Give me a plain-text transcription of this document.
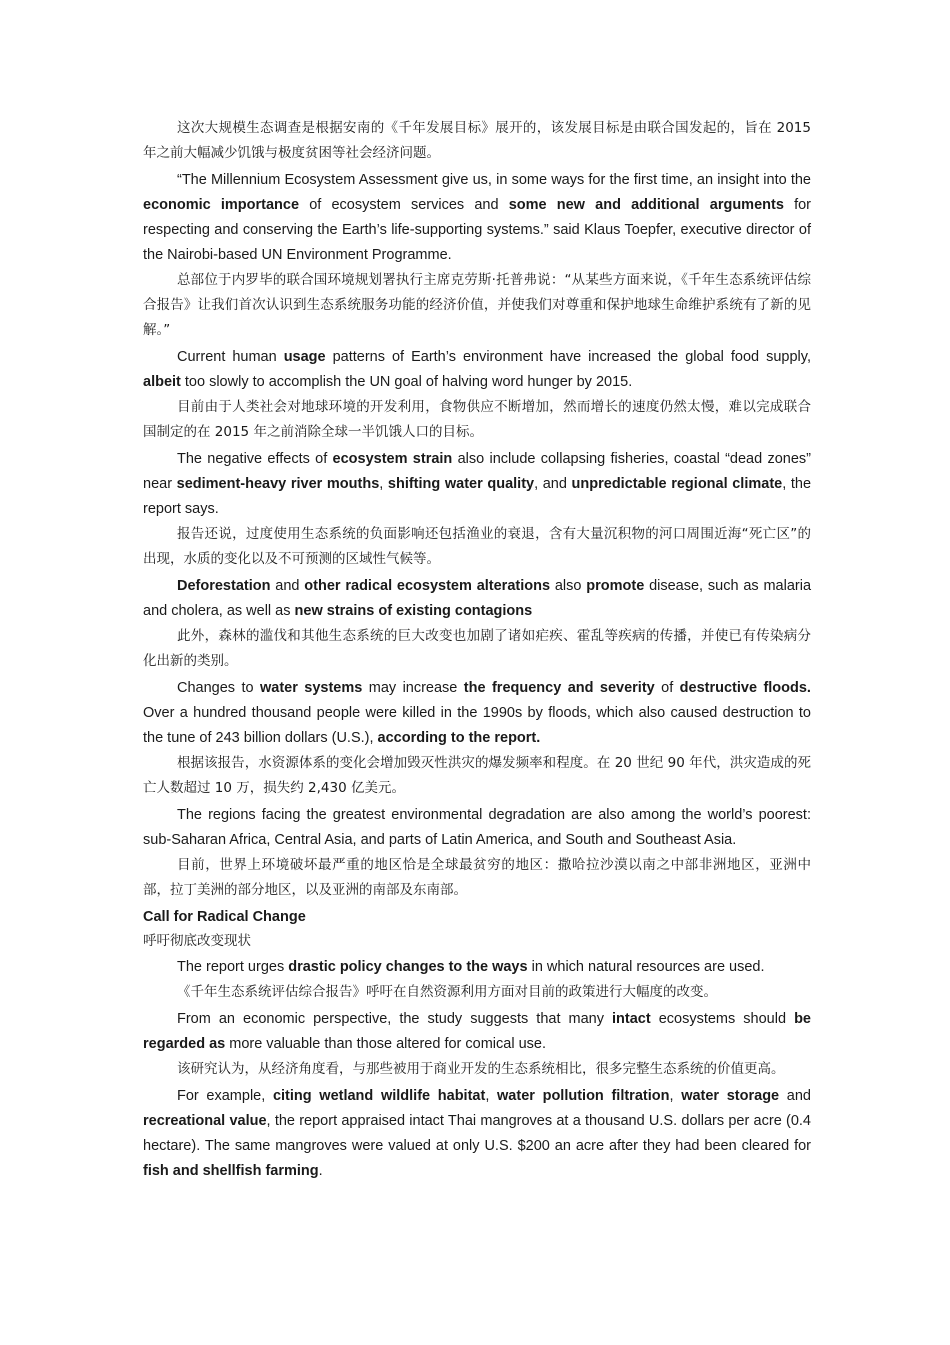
这次大规模生态调查是根据安南的《千年发展目标》展开的，该发展目标是由联合国发起的，旨在 2015 年之前大幅减少饥饿与极度贫困等社会经济问题。

“The Millennium Ecosystem Assessment give us, in some ways for the first time, an insight into the economic importance of ecosystem services and some new and additional arguments for respecting and conserving the Earth’s life-supporting systems.” said Klaus Toepfer, executive director of the Nairobi-based UN Environment Programme.

总部位于内罗毕的联合国环境规划署执行主席克劳斯·托普弗说：“从某些方面来说，《千年生态系统评估综合报告》让我们首次认识到生态系统服务功能的经济价值，并使我们对尊重和保护地球生命维护系统有了新的见解。”

Current human usage patterns of Earth’s environment have increased the global food supply, albeit too slowly to accomplish the UN goal of halving word hunger by 2015.

目前由于人类社会对地球环境的开发利用，食物供应不断增加，然而增长的速度仍然太慢，难以完成联合国制定的在 2015 年之前消除全球一半饥饿人口的目标。

The negative effects of ecosystem strain also include collapsing fisheries, coastal “dead zones” near sediment-heavy river mouths, shifting water quality, and unpredictable regional climate, the report says.

报告还说，过度使用生态系统的负面影响还包括渔业的衰退，含有大量沉积物的河口周围近海“死亡区”的出现，水质的变化以及不可预测的区域性气候等。

Deforestation and other radical ecosystem alterations also promote disease, such as malaria and cholera, as well as new strains of existing contagions

此外，森林的滥伐和其他生态系统的巨大改变也加剧了诸如疟疾、霍乱等疾病的传播，并使已有传染病分化出新的类别。

Changes to water systems may increase the frequency and severity of destructive floods. Over a hundred thousand people were killed in the 1990s by floods, which also caused destruction to the tune of 243 billion dollars (U.S.), according to the report.

根据该报告，水资源体系的变化会增加毁灭性洪灾的爆发频率和程度。在 20 世纪 90 年代，洪灾造成的死亡人数超过 10 万，损失约 2,430 亿美元。

The regions facing the greatest environmental degradation are also among the world’s poorest: sub-Saharan Africa, Central Asia, and parts of Latin America, and South and Southeast Asia.

目前，世界上环境破坏最严重的地区恰是全球最贫穷的地区：撒哈拉沙漠以南之中部非洲地区，亚洲中部，拉丁美洲的部分地区，以及亚洲的南部及东南部。

Call for Radical Change

呼吁彻底改变现状

The report urges drastic policy changes to the ways in which natural resources are used.

《千年生态系统评估综合报告》呼吁在自然资源利用方面对目前的政策进行大幅度的改变。

From an economic perspective, the study suggests that many intact ecosystems should be regarded as more valuable than those altered for comical use.

该研究认为，从经济角度看，与那些被用于商业开发的生态系统相比，很多完整生态系统的价值更高。

For example, citing wetland wildlife habitat, water pollution filtration, water storage and recreational value, the report appraised intact Thai mangroves at a thousand U.S. dollars per acre (0.4 hectare). The same mangroves were valued at only U.S. $200 an acre after they had been cleared for fish and shellfish farming.
